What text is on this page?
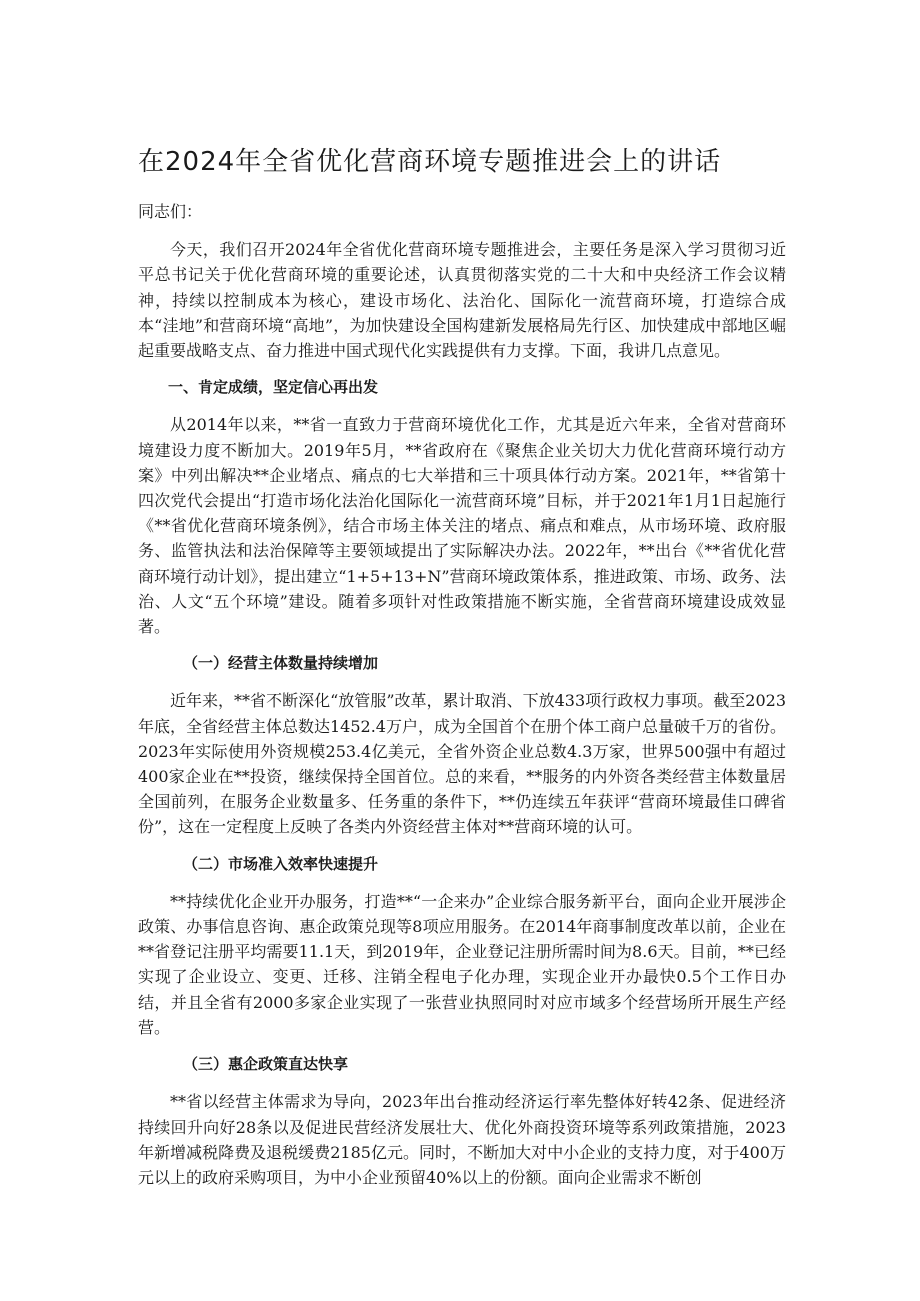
在2024年全省优化营商环境专题推进会上的讲话

同志们：

今天，我们召开2024年全省优化营商环境专题推进会，主要任务是深入学习贯彻习近平总书记关于优化营商环境的重要论述，认真贯彻落实党的二十大和中央经济工作会议精神，持续以控制成本为核心，建设市场化、法治化、国际化一流营商环境，打造综合成本“洼地”和营商环境“高地”，为加快建设全国构建新发展格局先行区、加快建成中部地区崛起重要战略支点、奋力推进中国式现代化实践提供有力支撑。下面，我讲几点意见。

一、肯定成绩，坚定信心再出发

从2014年以来，**省一直致力于营商环境优化工作，尤其是近六年来，全省对营商环境建设力度不断加大。2019年5月，**省政府在《聚焦企业关切大力优化营商环境行动方案》中列出解决**企业堵点、痛点的七大举措和三十项具体行动方案。2021年，**省第十四次党代会提出“打造市场化法治化国际化一流营商环境”目标，并于2021年1月1日起施行《**省优化营商环境条例》，结合市场主体关注的堵点、痛点和难点，从市场环境、政府服务、监管执法和法治保障等主要领域提出了实际解决办法。2022年，**出台《**省优化营商环境行动计划》，提出建立“1+5+13+N”营商环境政策体系，推进政策、市场、政务、法治、人文“五个环境”建设。随着多项针对性政策措施不断实施，全省营商环境建设成效显著。

（一）经营主体数量持续增加

近年来，**省不断深化“放管服”改革，累计取消、下放433项行政权力事项。截至2023年底，全省经营主体总数达1452.4万户，成为全国首个在册个体工商户总量破千万的省份。2023年实际使用外资规模253.4亿美元，全省外资企业总数4.3万家，世界500强中有超过400家企业在**投资，继续保持全国首位。总的来看，**服务的内外资各类经营主体数量居全国前列，在服务企业数量多、任务重的条件下，**仍连续五年获评“营商环境最佳口碑省份”，这在一定程度上反映了各类内外资经营主体对**营商环境的认可。

（二）市场准入效率快速提升

**持续优化企业开办服务，打造**“一企来办”企业综合服务新平台，面向企业开展涉企政策、办事信息咨询、惠企政策兑现等8项应用服务。在2014年商事制度改革以前，企业在**省登记注册平均需要11.1天，到2019年，企业登记注册所需时间为8.6天。目前，**已经实现了企业设立、变更、迁移、注销全程电子化办理，实现企业开办最快0.5个工作日办结，并且全省有2000多家企业实现了一张营业执照同时对应市域多个经营场所开展生产经营。

（三）惠企政策直达快享

**省以经营主体需求为导向，2023年出台推动经济运行率先整体好转42条、促进经济持续回升向好28条以及促进民营经济发展壮大、优化外商投资环境等系列政策措施，2023年新增减税降费及退税缓费2185亿元。同时，不断加大对中小企业的支持力度，对于400万元以上的政府采购项目，为中小企业预留40%以上的份额。面向企业需求不断创
